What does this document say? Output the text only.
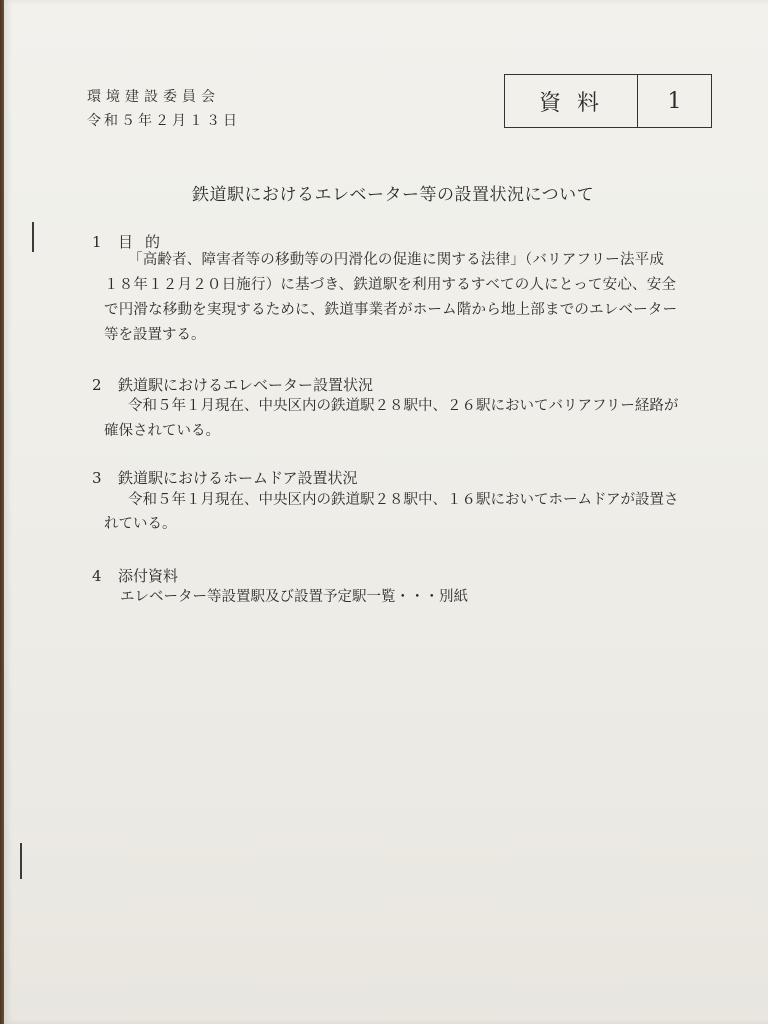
環境建設委員会
令和５年２月１３日
資料	1
鉄道駅におけるエレベーター等の設置状況について
1 目的
「高齢者、障害者等の移動等の円滑化の促進に関する法律」（バリアフリー法平成
１８年１２月２０日施行）に基づき、鉄道駅を利用するすべての人にとって安心、安全
で円滑な移動を実現するために、鉄道事業者がホーム階から地上部までのエレベーター
等を設置する。
2 鉄道駅におけるエレベーター設置状況
令和５年１月現在、中央区内の鉄道駅２８駅中、２６駅においてバリアフリー経路が
確保されている。
3 鉄道駅におけるホームドア設置状況
令和５年１月現在、中央区内の鉄道駅２８駅中、１６駅においてホームドアが設置さ
れている。
4 添付資料
エレベーター等設置駅及び設置予定駅一覧・・・別紙
